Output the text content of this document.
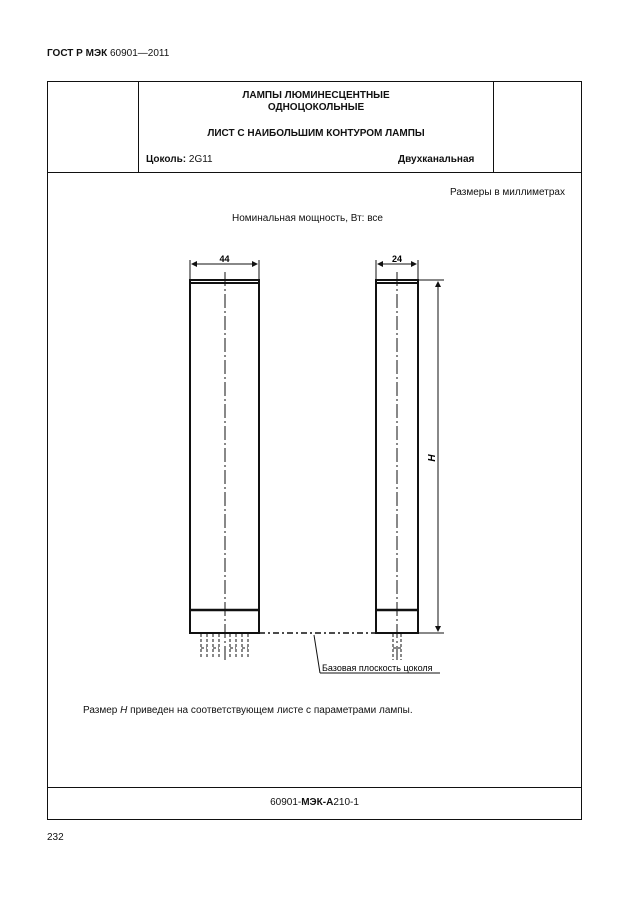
ГОСТ Р МЭК 60901—2011
ЛАМПЫ ЛЮМИНЕСЦЕНТНЫЕ
ОДНОЦОКОЛЬНЫЕ
ЛИСТ С НАИБОЛЬШИМ КОНТУРОМ ЛАМПЫ
Цоколь: 2G11	Двухканальная
Размеры в миллиметрах
Номинальная мощность, Вт: все
44	24
H
Базовая плоскость цоколя
Размер H приведен на соответствующем листе с параметрами лампы.
60901-МЭК-А210-1
232
